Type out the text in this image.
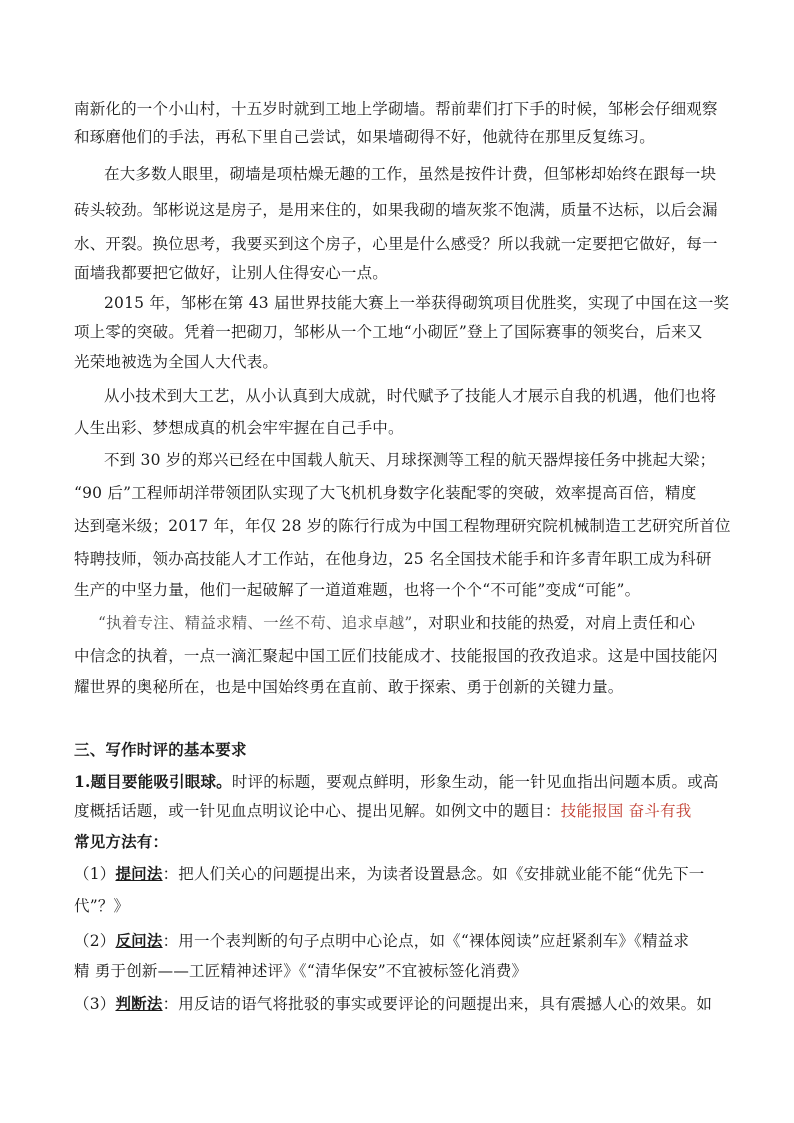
南新化的一个小山村，十五岁时就到工地上学砌墙。帮前辈们打下手的时候，邹彬会仔细观察
和琢磨他们的手法，再私下里自己尝试，如果墙砌得不好，他就待在那里反复练习。
在大多数人眼里，砌墙是项枯燥无趣的工作，虽然是按件计费，但邹彬却始终在跟每一块
砖头较劲。邹彬说这是房子，是用来住的，如果我砌的墙灰浆不饱满，质量不达标，以后会漏
水、开裂。换位思考，我要买到这个房子，心里是什么感受？所以我就一定要把它做好，每一
面墙我都要把它做好，让别人住得安心一点。
2015 年，邹彬在第 43 届世界技能大赛上一举获得砌筑项目优胜奖，实现了中国在这一奖
项上零的突破。凭着一把砌刀，邹彬从一个工地“小砌匠”登上了国际赛事的领奖台，后来又
光荣地被选为全国人大代表。
从小技术到大工艺，从小认真到大成就，时代赋予了技能人才展示自我的机遇，他们也将
人生出彩、梦想成真的机会牢牢握在自己手中。
不到 30 岁的郑兴已经在中国载人航天、月球探测等工程的航天器焊接任务中挑起大梁；
“90 后”工程师胡洋带领团队实现了大飞机机身数字化装配零的突破，效率提高百倍，精度
达到毫米级；2017 年，年仅 28 岁的陈行行成为中国工程物理研究院机械制造工艺研究所首位
特聘技师，领办高技能人才工作站，在他身边，25 名全国技术能手和许多青年职工成为科研
生产的中坚力量，他们一起破解了一道道难题，也将一个个“不可能”变成“可能”。
“执着专注、精益求精、一丝不苟、追求卓越”，对职业和技能的热爱，对肩上责任和心
中信念的执着，一点一滴汇聚起中国工匠们技能成才、技能报国的孜孜追求。这是中国技能闪
耀世界的奥秘所在，也是中国始终勇在直前、敢于探索、勇于创新的关键力量。
三、写作时评的基本要求
1.题目要能吸引眼球。时评的标题，要观点鲜明，形象生动，能一针见血指出问题本质。或高
度概括话题，或一针见血点明议论中心、提出见解。如例文中的题目：技能报国 奋斗有我
常见方法有：
（1）提问法：把人们关心的问题提出来，为读者设置悬念。如《安排就业能不能“优先下一
代”？》
（2）反问法：用一个表判断的句子点明中心论点，如《“裸体阅读”应赶紧刹车》《精益求
精 勇于创新——工匠精神述评》《“清华保安”不宜被标签化消费》
（3）判断法：用反诘的语气将批驳的事实或要评论的问题提出来，具有震撼人心的效果。如
